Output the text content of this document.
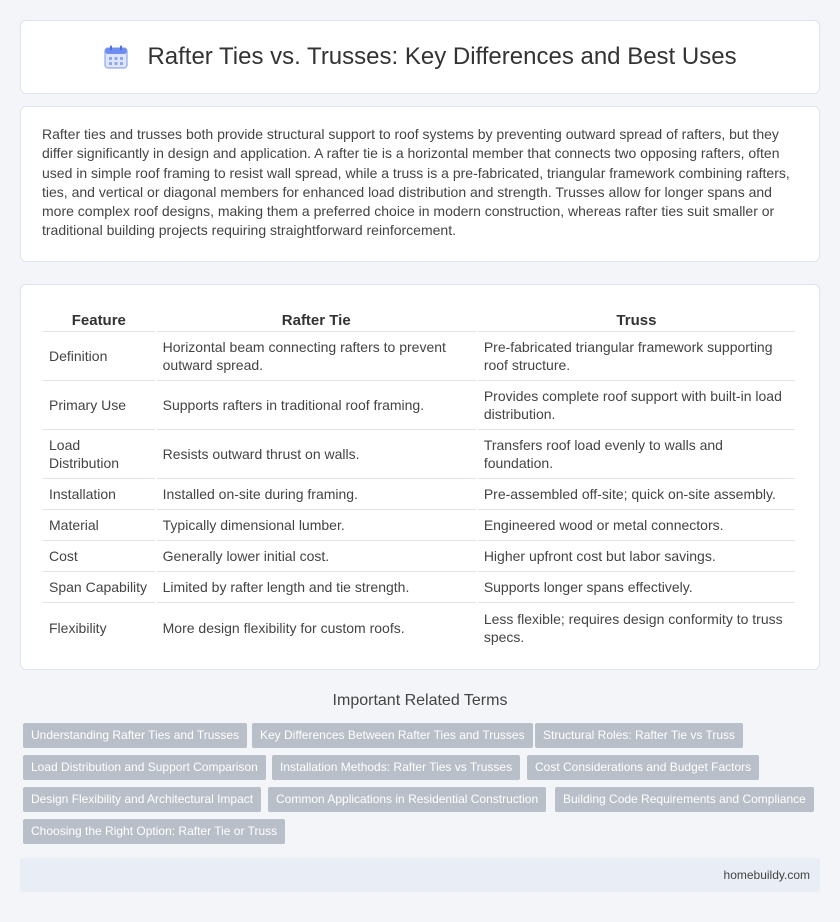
Rafter Ties vs. Trusses: Key Differences and Best Uses

Rafter ties and trusses both provide structural support to roof systems by preventing outward spread of rafters, but they differ significantly in design and application. A rafter tie is a horizontal member that connects two opposing rafters, often used in simple roof framing to resist wall spread, while a truss is a pre-fabricated, triangular framework combining rafters, ties, and vertical or diagonal members for enhanced load distribution and strength. Trusses allow for longer spans and more complex roof designs, making them a preferred choice in modern construction, whereas rafter ties suit smaller or traditional building projects requiring straightforward reinforcement.

Feature	Rafter Tie	Truss
Definition	Horizontal beam connecting rafters to prevent outward spread.	Pre-fabricated triangular framework supporting roof structure.
Primary Use	Supports rafters in traditional roof framing.	Provides complete roof support with built-in load distribution.
Load Distribution	Resists outward thrust on walls.	Transfers roof load evenly to walls and foundation.
Installation	Installed on-site during framing.	Pre-assembled off-site; quick on-site assembly.
Material	Typically dimensional lumber.	Engineered wood or metal connectors.
Cost	Generally lower initial cost.	Higher upfront cost but labor savings.
Span Capability	Limited by rafter length and tie strength.	Supports longer spans effectively.
Flexibility	More design flexibility for custom roofs.	Less flexible; requires design conformity to truss specs.
Important Related Terms
Understanding Rafter Ties and Trusses	Key Differences Between Rafter Ties and Trusses	Structural Roles: Rafter Tie vs Truss
Load Distribution and Support Comparison	Installation Methods: Rafter Ties vs Trusses	Cost Considerations and Budget Factors
Design Flexibility and Architectural Impact	Common Applications in Residential Construction	Building Code Requirements and Compliance
Choosing the Right Option: Rafter Tie or Truss
homebuildy.com
